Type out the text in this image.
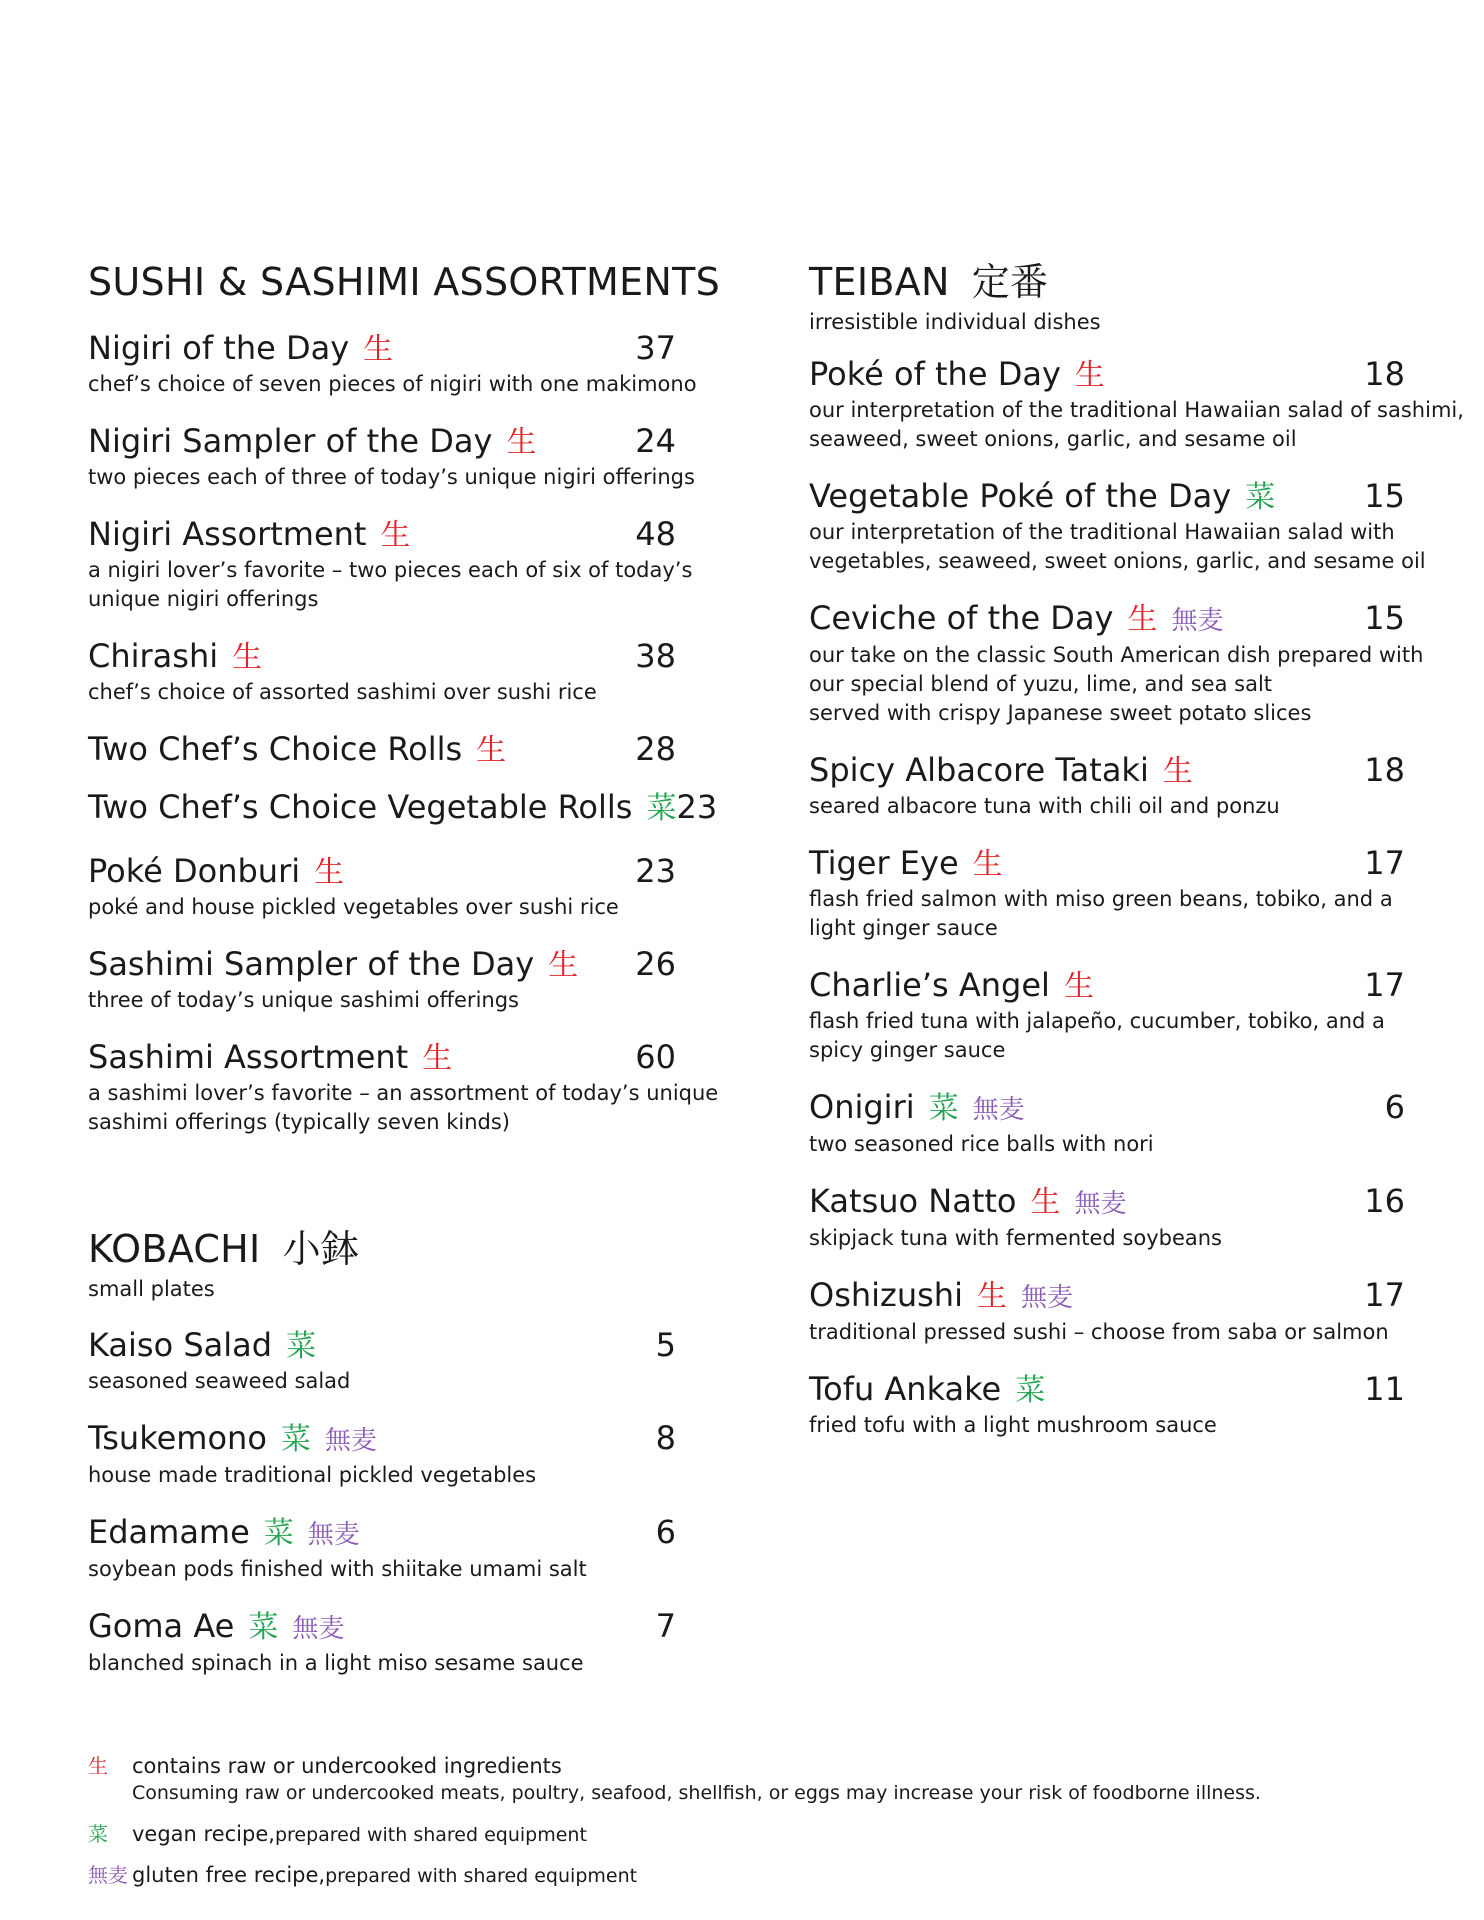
SUSHI & SASHIMI ASSORTMENTS
Nigiri of the Day 生	37
chef’s choice of seven pieces of nigiri with one makimono
Nigiri Sampler of the Day 生	24
two pieces each of three of today’s unique nigiri offerings
Nigiri Assortment 生	48
a nigiri lover’s favorite – two pieces each of six of today’s
unique nigiri offerings
Chirashi 生	38
chef’s choice of assorted sashimi over sushi rice
Two Chef’s Choice Rolls 生	28
Two Chef’s Choice Vegetable Rolls 菜 23
Poké Donburi 生	23
poké and house pickled vegetables over sushi rice
Sashimi Sampler of the Day 生 26
three of today’s unique sashimi offerings
Sashimi Assortment 生	60
a sashimi lover’s favorite – an assortment of today’s unique
sashimi offerings (typically seven kinds)
KOBACHI 小鉢
small plates
Kaiso Salad 菜	5
seasoned seaweed salad
Tsukemono 菜 無麦	8
house made traditional pickled vegetables
Edamame 菜 無麦	6
soybean pods finished with shiitake umami salt
Goma Ae 菜 無麦	7
blanched spinach in a light miso sesame sauce
TEIBAN 定番
irresistible individual dishes
Poké of the Day 生	18
our interpretation of the traditional Hawaiian salad of sashimi,
seaweed, sweet onions, garlic, and sesame oil
Vegetable Poké of the Day 菜	15
our interpretation of the traditional Hawaiian salad with
vegetables, seaweed, sweet onions, garlic, and sesame oil
Ceviche of the Day 生 無麦	15
our take on the classic South American dish prepared with
our special blend of yuzu, lime, and sea salt
served with crispy Japanese sweet potato slices
Spicy Albacore Tataki 生	18
seared albacore tuna with chili oil and ponzu
Tiger Eye 生	17
flash fried salmon with miso green beans, tobiko, and a
light ginger sauce
Charlie’s Angel 生	17
flash fried tuna with jalapeño, cucumber, tobiko, and a
spicy ginger sauce
Onigiri 菜 無麦	6
two seasoned rice balls with nori
Katsuo Natto 生 無麦	16
skipjack tuna with fermented soybeans
Oshizushi 生 無麦	17
traditional pressed sushi – choose from saba or salmon
Tofu Ankake 菜	11
fried tofu with a light mushroom sauce
生	contains raw or undercooked ingredients
Consuming raw or undercooked meats, poultry, seafood, shellfish, or eggs may increase your risk of foodborne illness.
菜	vegan recipe, prepared with shared equipment
無麦 gluten free recipe, prepared with shared equipment
